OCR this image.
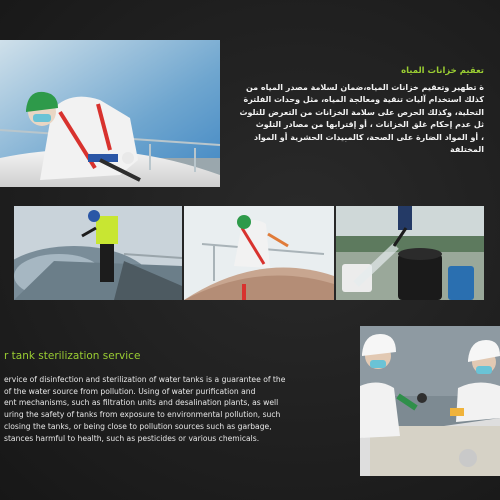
تعقيم خزانات المياه
ة تطهير وتعقيم خزانات المياه،ضمان لسلامة مصدر المياه من
كذلك استخدام آليات تنقية ومعالجة المياه، مثل وحدات الفلترة
التحلية، وكذلك الحرص على سلامة الخزانات من التعرض للتلوث
ثل عدم إحكام غلق الخزانات ، أو إقترابها من مصادر التلوث
، أو المواد الضارة على الصحة، كالمبيدات الحشرية أو المواد
المختلفة
r tank sterilization service
ervice of disinfection and sterilization of water tanks is a guarantee of the
of the water source from pollution. Using of water purification and
ent mechanisms, such as filtration units and desalination plants, as well
uring the safety of tanks from exposure to environmental pollution, such
closing the tanks, or being close to pollution sources such as garbage,
stances harmful to health, such as pesticides or various chemicals.
